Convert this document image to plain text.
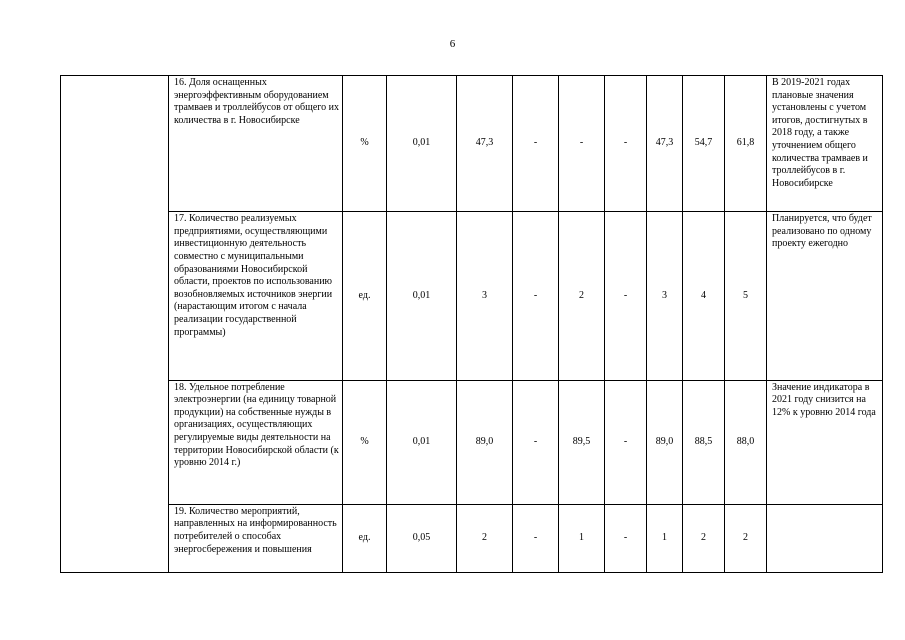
6
	16. Доля оснащенных энергоэффективным оборудованием трамваев и троллейбусов от общего их количества в г. Новосибирске	%	0,01	47,3	-	-	-	47,3	54,7	61,8	В 2019-2021 годах плановые значения установлены с учетом итогов, достигнутых в 2018 году, а также уточнением общего количества трамваев и троллейбусов в г. Новосибирске
	17. Количество реализуемых предприятиями, осуществляющими инвестиционную деятельность совместно с муниципальными образованиями Новосибирской области, проектов по использованию возобновляемых источников энергии (нарастающим итогом с начала реализации государственной программы)	ед.	0,01	3	-	2	-	3	4	5	Планируется, что будет реализовано по одному проекту ежегодно
	18. Удельное потребление электроэнергии (на единицу товарной продукции) на собственные нужды в организациях, осуществляющих регулируемые виды деятельности на территории Новосибирской области (к уровню 2014 г.)	%	0,01	89,0	-	89,5	-	89,0	88,5	88,0	Значение индикатора в 2021 году снизится на 12% к уровню 2014 года
	19. Количество мероприятий, направленных на информированность потребителей о способах энергосбережения и повышения	ед.	0,05	2	-	1	-	1	2	2	
